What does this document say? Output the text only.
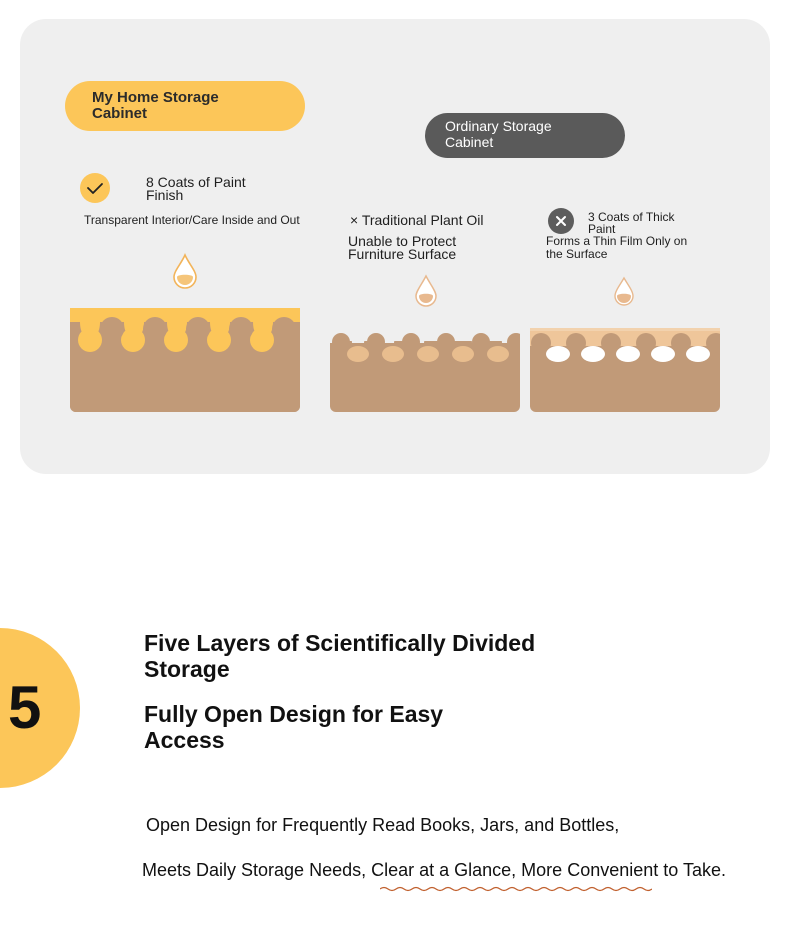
My Home Storage Cabinet
8 Coats of Paint Finish
Transparent Interior/Care Inside and Out
Ordinary Storage Cabinet
× Traditional Plant Oil
Unable to Protect Furniture Surface
3 Coats of Thick Paint
Forms a Thin Film Only on the Surface
5
Five Layers of Scientifically Divided Storage
Fully Open Design for Easy Access
Open Design for Frequently Read Books, Jars, and Bottles,
Meets Daily Storage Needs, Clear at a Glance, More Convenient to Take.
